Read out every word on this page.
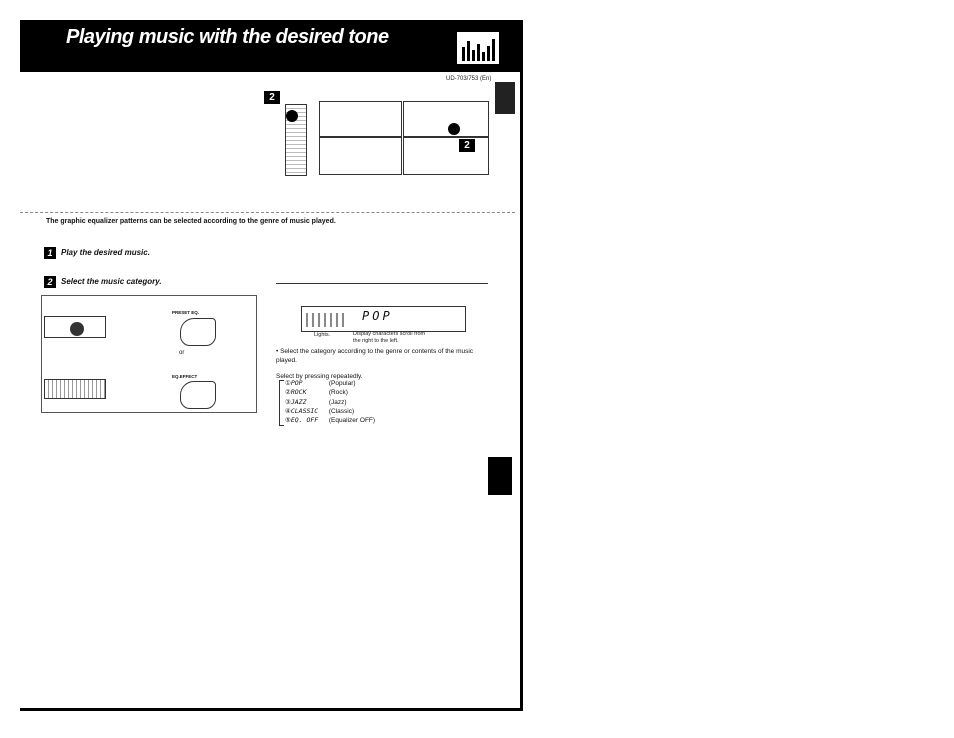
Playing music with the desired tone
UD-703/753 (En)
2
2
The graphic equalizer patterns can be selected according to the genre of music played.
1 Play the desired music.
2 Select the music category.
PRESET EQ.
or
EQ.EFFECT
POP
Lights.	Display characters scroll from the right to the left.
• Select the category according to the genre or contents of the music played.
Select by pressing repeatedly.
① POP	(Popular)
② ROCK	(Rock)
③ JAZZ	(Jazz)
④ CLASSIC	(Classic)
⑤ EQ. OFF	(Equalizer OFF)
